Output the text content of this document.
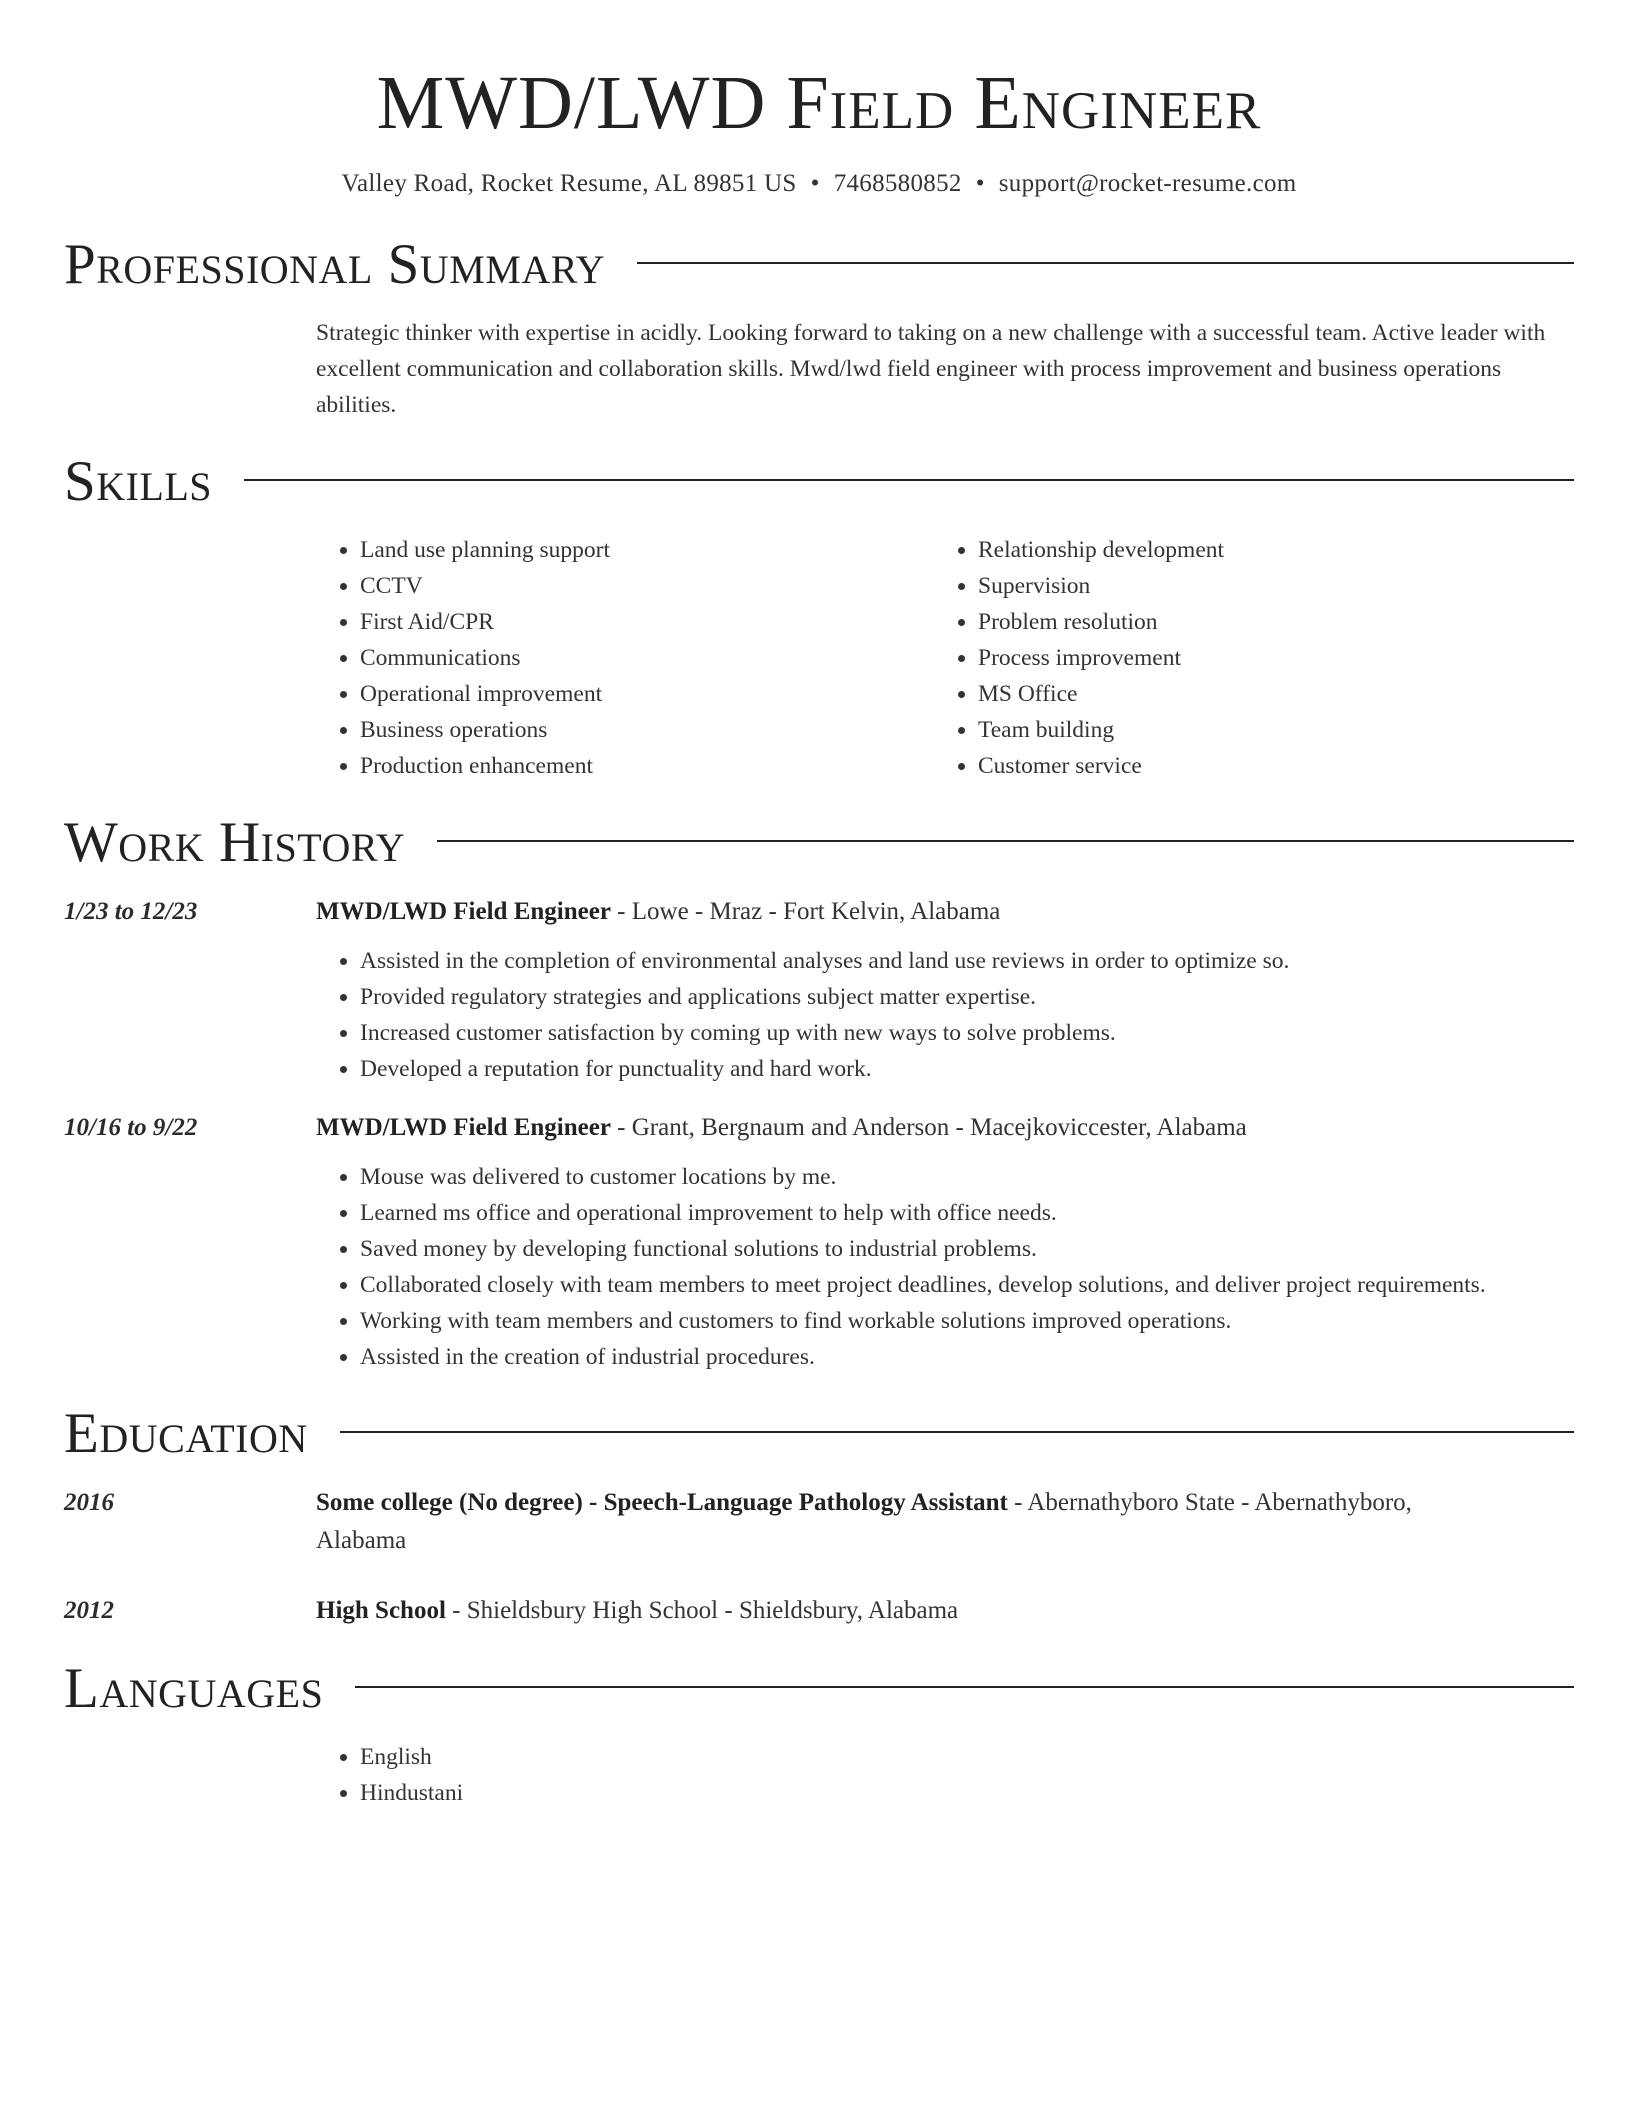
MWD/LWD Field Engineer
Valley Road, Rocket Resume, AL 89851 US • 7468580852 • support@rocket-resume.com
Professional Summary
Strategic thinker with expertise in acidly. Looking forward to taking on a new challenge with a successful team. Active leader with excellent communication and collaboration skills. Mwd/lwd field engineer with process improvement and business operations abilities.
Skills
• Land use planning support
• CCTV
• First Aid/CPR
• Communications
• Operational improvement
• Business operations
• Production enhancement
• Relationship development
• Supervision
• Problem resolution
• Process improvement
• MS Office
• Team building
• Customer service
Work History
1/23 to 12/23	MWD/LWD Field Engineer - Lowe - Mraz - Fort Kelvin, Alabama
• Assisted in the completion of environmental analyses and land use reviews in order to optimize so.
• Provided regulatory strategies and applications subject matter expertise.
• Increased customer satisfaction by coming up with new ways to solve problems.
• Developed a reputation for punctuality and hard work.
10/16 to 9/22	MWD/LWD Field Engineer - Grant, Bergnaum and Anderson - Macejkoviccester, Alabama
• Mouse was delivered to customer locations by me.
• Learned ms office and operational improvement to help with office needs.
• Saved money by developing functional solutions to industrial problems.
• Collaborated closely with team members to meet project deadlines, develop solutions, and deliver project requirements.
• Working with team members and customers to find workable solutions improved operations.
• Assisted in the creation of industrial procedures.
Education
2016	Some college (No degree) - Speech-Language Pathology Assistant - Abernathyboro State - Abernathyboro, Alabama
2012	High School - Shieldsbury High School - Shieldsbury, Alabama
Languages
• English
• Hindustani
